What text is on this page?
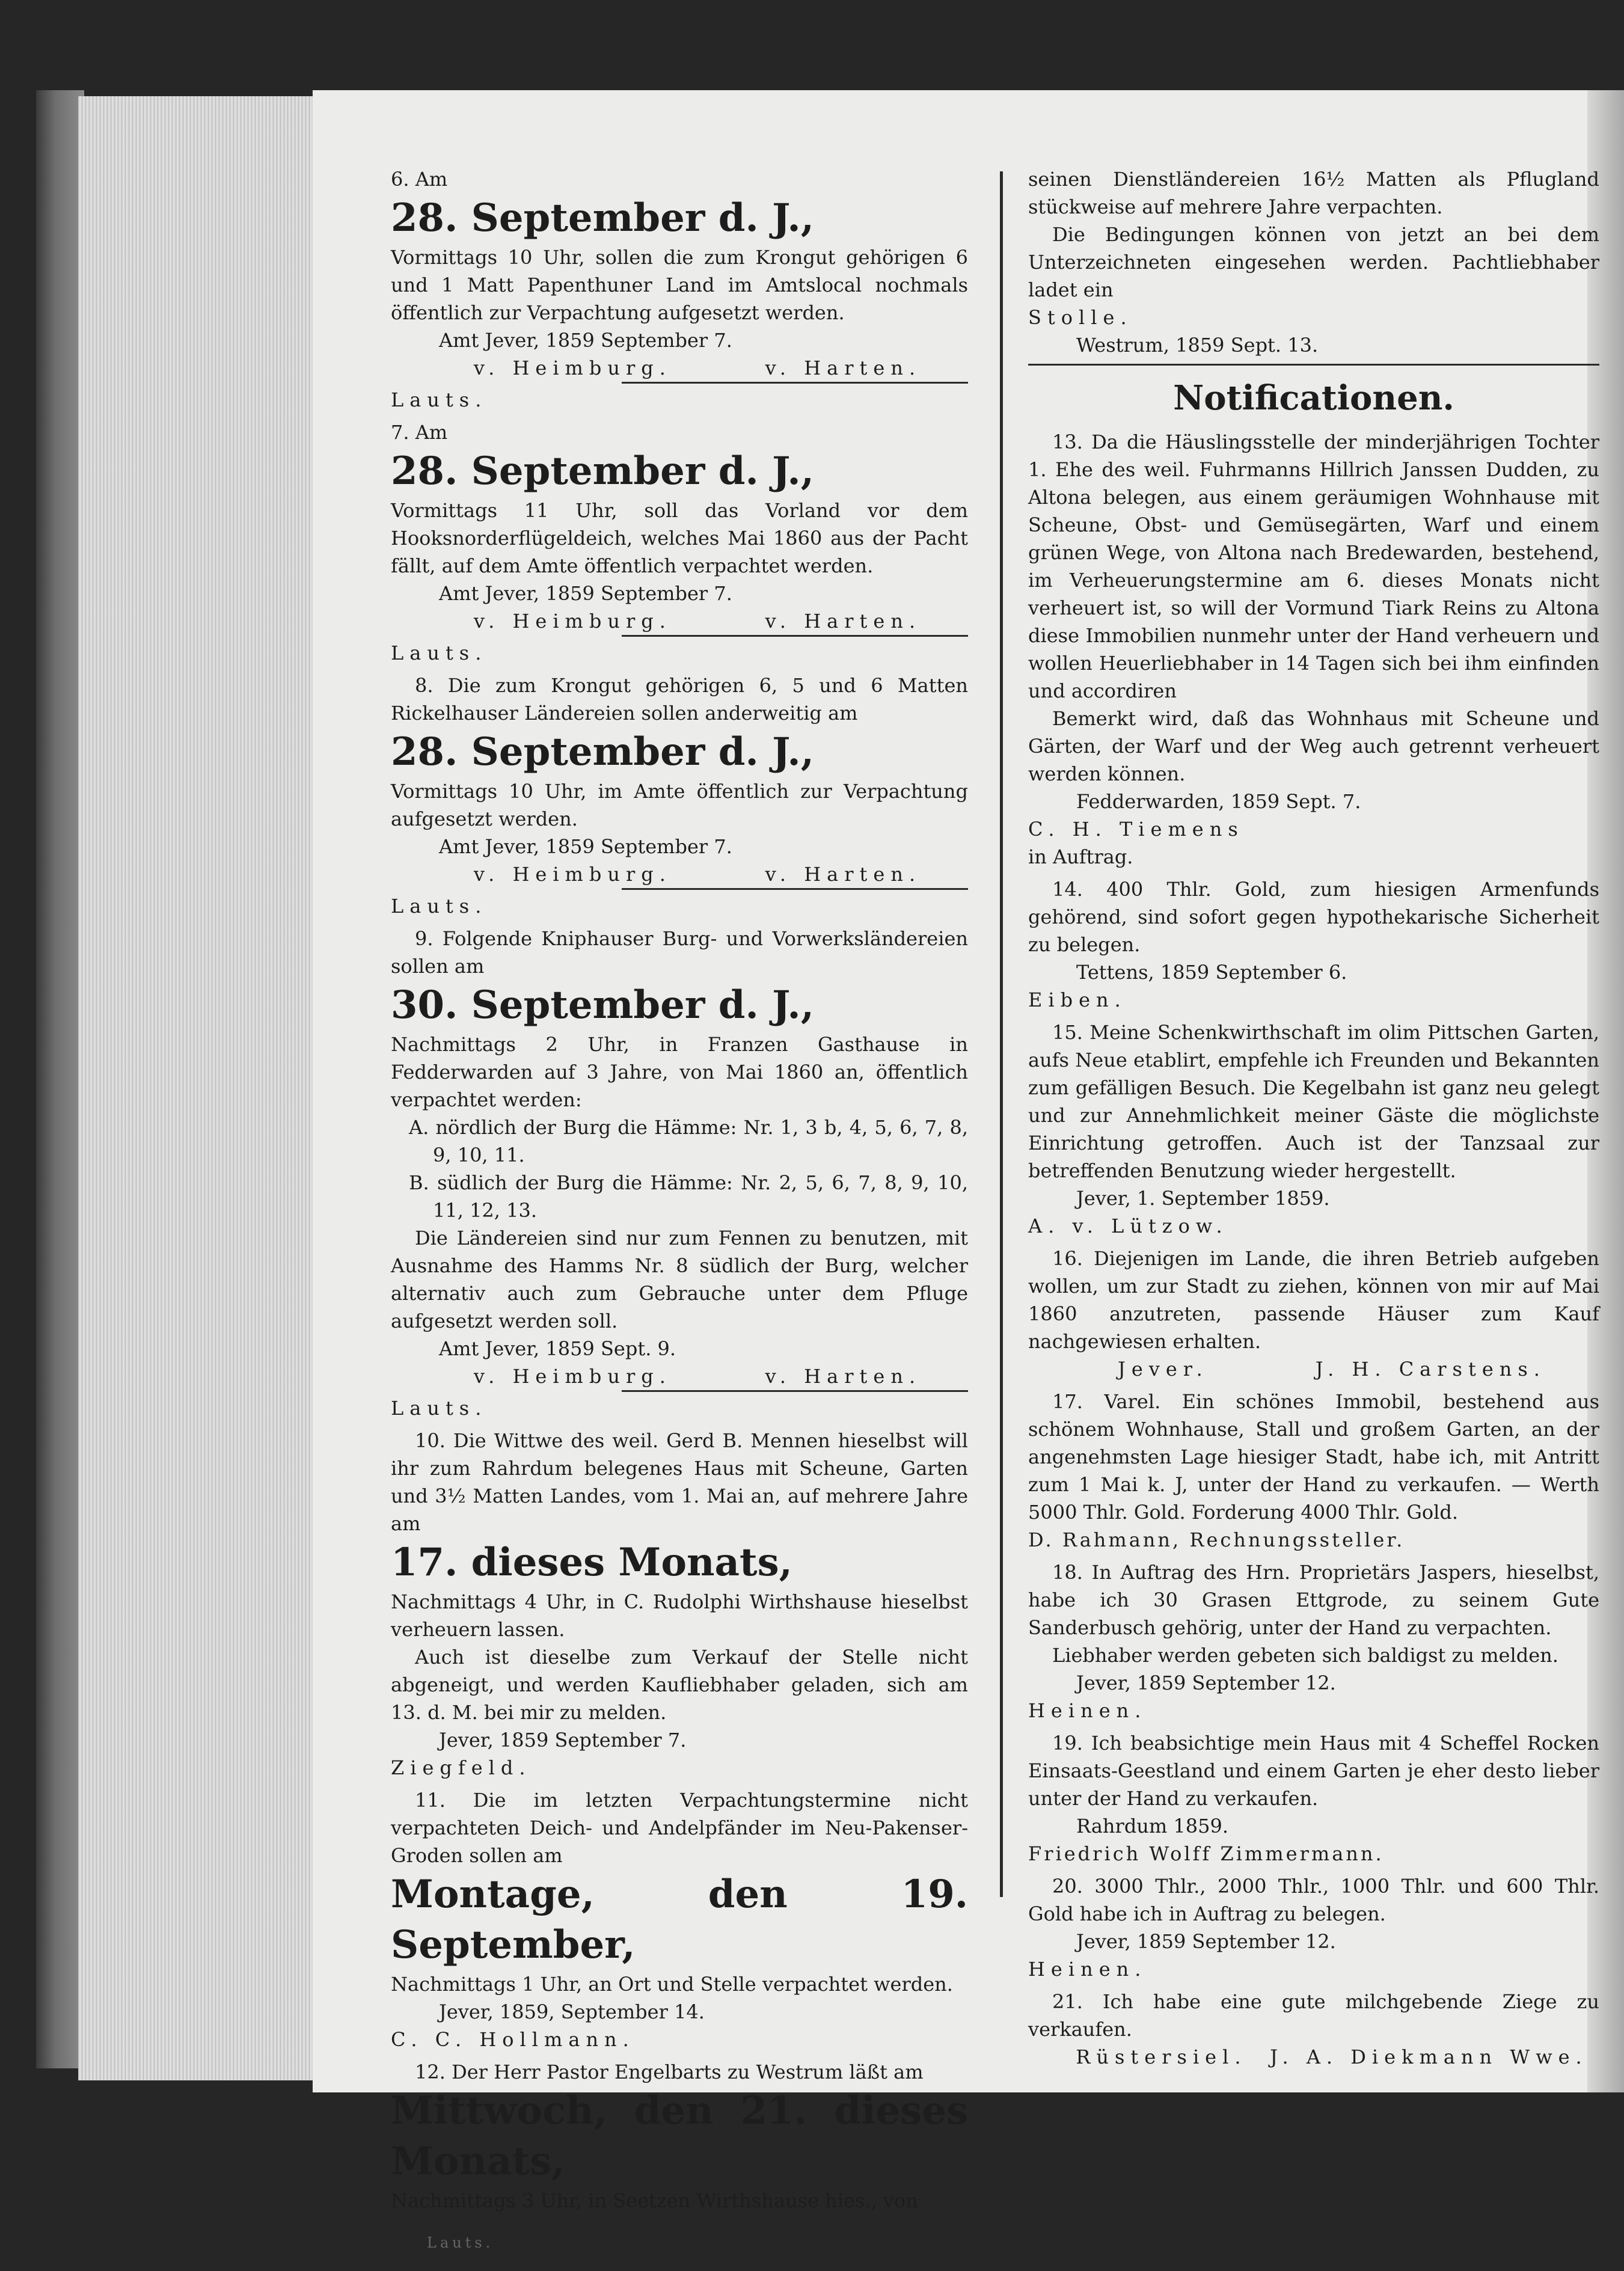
6. Am

28. September d. J.,

Vormittags 10 Uhr, sollen die zum Krongut gehörigen 6 und 1 Matt Papenthuner Land im Amtslocal nochmals öffentlich zur Verpachtung aufgesetzt werden.

Amt Jever, 1859 September 7.

v. Heimburg.	v. Harten.

Lauts.

7. Am

28. September d. J.,

Vormittags 11 Uhr, soll das Vorland vor dem Hooksnorderflügeldeich, welches Mai 1860 aus der Pacht fällt, auf dem Amte öffentlich verpachtet werden.

Amt Jever, 1859 September 7.

v. Heimburg.	v. Harten.

Lauts.

8. Die zum Krongut gehörigen 6, 5 und 6 Matten Rickelhauser Ländereien sollen anderweitig am

28. September d. J.,

Vormittags 10 Uhr, im Amte öffentlich zur Verpachtung aufgesetzt werden.

Amt Jever, 1859 September 7.

v. Heimburg.	v. Harten.

Lauts.

9. Folgende Kniphauser Burg- und Vorwerksländereien sollen am

30. September d. J.,

Nachmittags 2 Uhr, in Franzen Gasthause in Fedderwarden auf 3 Jahre, von Mai 1860 an, öffentlich verpachtet werden:

A. nördlich der Burg die Hämme: Nr. 1, 3 b, 4, 5, 6, 7, 8, 9, 10, 11.

B. südlich der Burg die Hämme: Nr. 2, 5, 6, 7, 8, 9, 10, 11, 12, 13.

Die Ländereien sind nur zum Fennen zu benutzen, mit Ausnahme des Hamms Nr. 8 südlich der Burg, welcher alternativ auch zum Gebrauche unter dem Pfluge aufgesetzt werden soll.

Amt Jever, 1859 Sept. 9.

v. Heimburg.	v. Harten.

Lauts.

10. Die Wittwe des weil. Gerd B. Mennen hieselbst will ihr zum Rahrdum belegenes Haus mit Scheune, Garten und 3½ Matten Landes, vom 1. Mai an, auf mehrere Jahre am

17. dieses Monats,

Nachmittags 4 Uhr, in C. Rudolphi Wirthshause hieselbst verheuern lassen.

Auch ist dieselbe zum Verkauf der Stelle nicht abgeneigt, und werden Kaufliebhaber geladen, sich am 13. d. M. bei mir zu melden.

Jever, 1859 September 7.

Ziegfeld.

11. Die im letzten Verpachtungstermine nicht verpachteten Deich- und Andelpfänder im Neu-Pakenser-Groden sollen am

Montage, den 19. September,

Nachmittags 1 Uhr, an Ort und Stelle verpachtet werden.

Jever, 1859, September 14.

C. C. Hollmann.

12. Der Herr Pastor Engelbarts zu Westrum läßt am

Mittwoch, den 21. dieses Monats,

Nachmittags 3 Uhr, in Seetzen Wirthshause hies., von

Lauts.

seinen Dienstländereien 16½ Matten als Pflugland stückweise auf mehrere Jahre verpachten.

Die Bedingungen können von jetzt an bei dem Unterzeichneten eingesehen werden. Pachtliebhaber ladet ein

Stolle.

Westrum, 1859 Sept. 13.

Notificationen.

13. Da die Häuslingsstelle der minderjährigen Tochter 1. Ehe des weil. Fuhrmanns Hillrich Janssen Dudden, zu Altona belegen, aus einem geräumigen Wohnhause mit Scheune, Obst- und Gemüsegärten, Warf und einem grünen Wege, von Altona nach Bredewarden, bestehend, im Verheuerungstermine am 6. dieses Monats nicht verheuert ist, so will der Vormund Tiark Reins zu Altona diese Immobilien nunmehr unter der Hand verheuern und wollen Heuerliebhaber in 14 Tagen sich bei ihm einfinden und accordiren

Bemerkt wird, daß das Wohnhaus mit Scheune und Gärten, der Warf und der Weg auch getrennt verheuert werden können.

Fedderwarden, 1859 Sept. 7.

C. H. Tiemens

in Auftrag.

14. 400 Thlr. Gold, zum hiesigen Armenfunds gehörend, sind sofort gegen hypothekarische Sicherheit zu belegen.

Tettens, 1859 September 6.

Eiben.

15. Meine Schenkwirthschaft im olim Pittschen Garten, aufs Neue etablirt, empfehle ich Freunden und Bekannten zum gefälligen Besuch. Die Kegelbahn ist ganz neu gelegt und zur Annehmlichkeit meiner Gäste die möglichste Einrichtung getroffen. Auch ist der Tanzsaal zur betreffenden Benutzung wieder hergestellt.

Jever, 1. September 1859.

A. v. Lützow.

16. Diejenigen im Lande, die ihren Betrieb aufgeben wollen, um zur Stadt zu ziehen, können von mir auf Mai 1860 anzutreten, passende Häuser zum Kauf nachgewiesen erhalten.

Jever.	J. H. Carstens.

17. Varel. Ein schönes Immobil, bestehend aus schönem Wohnhause, Stall und großem Garten, an der angenehmsten Lage hiesiger Stadt, habe ich, mit Antritt zum 1 Mai k. J, unter der Hand zu verkaufen. — Werth 5000 Thlr. Gold. Forderung 4000 Thlr. Gold.

D. Rahmann, Rechnungssteller.

18. In Auftrag des Hrn. Proprietärs Jaspers, hieselbst, habe ich 30 Grasen Ettgrode, zu seinem Gute Sanderbusch gehörig, unter der Hand zu verpachten.

Liebhaber werden gebeten sich baldigst zu melden.

Jever, 1859 September 12.

Heinen.

19. Ich beabsichtige mein Haus mit 4 Scheffel Rocken Einsaats-Geestland und einem Garten je eher desto lieber unter der Hand zu verkaufen.

Rahrdum 1859.

Friedrich Wolff Zimmermann.

20. 3000 Thlr., 2000 Thlr., 1000 Thlr. und 600 Thlr. Gold habe ich in Auftrag zu belegen.

Jever, 1859 September 12.

Heinen.

21. Ich habe eine gute milchgebende Ziege zu verkaufen.

Rüstersiel. J. A. Diekmann Wwe.
